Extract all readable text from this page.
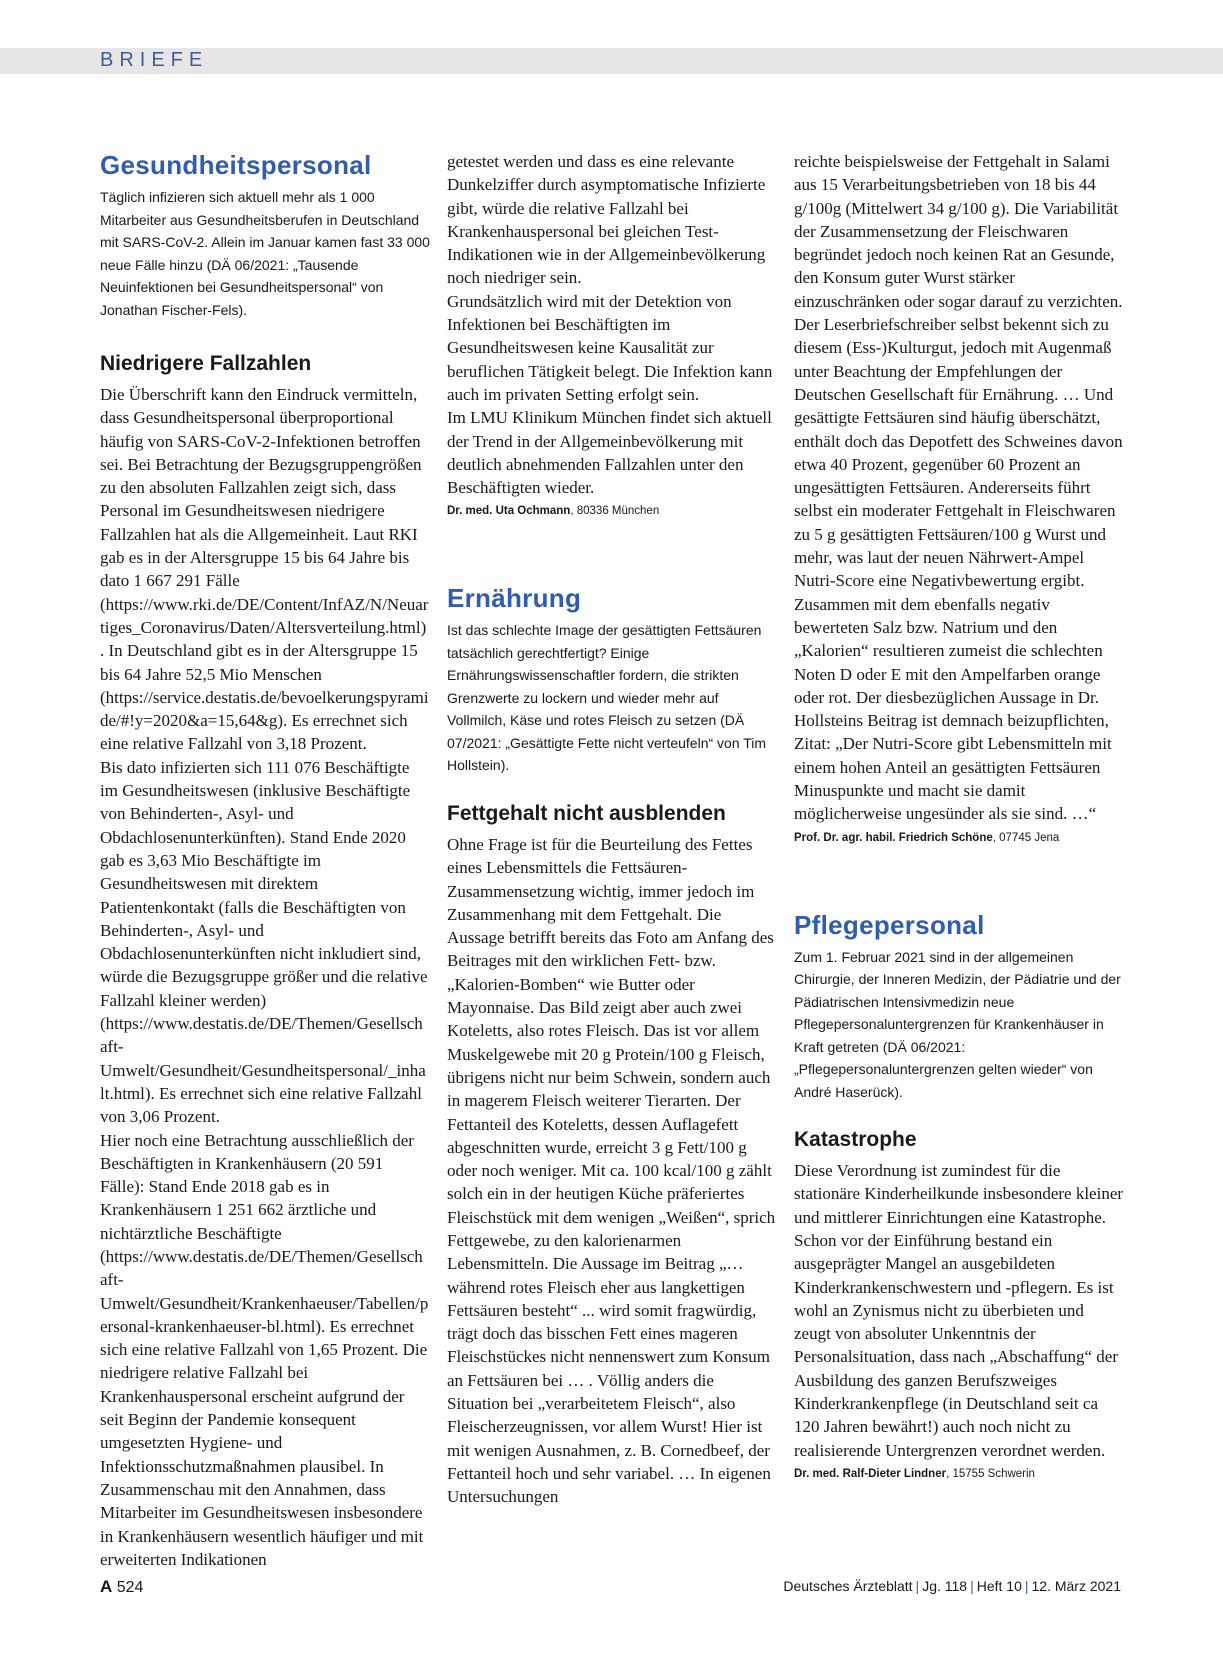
BRIEFE
Gesundheitspersonal

Täglich infizieren sich aktuell mehr als 1 000 Mitarbeiter aus Gesundheitsberufen in Deutschland mit SARS-CoV-2. Allein im Januar kamen fast 33 000 neue Fälle hinzu (DÄ 06/2021: „Tausende Neuinfektionen bei Gesundheitspersonal“ von Jonathan Fischer-Fels).

Niedrigere Fallzahlen

Die Überschrift kann den Eindruck vermitteln, dass Gesundheitspersonal überproportional häufig von SARS-CoV-2-Infektionen betroffen sei. Bei Betrachtung der Bezugsgruppengrößen zu den absoluten Fallzahlen zeigt sich, dass Personal im Gesundheitswesen niedrigere Fallzahlen hat als die Allgemeinheit. Laut RKI gab es in der Altersgruppe 15 bis 64 Jahre bis dato 1 667 291 Fälle (https://www.rki.de/DE/Content/InfAZ/N/Neuartiges_Coronavirus/Daten/Altersverteilung.html). In Deutschland gibt es in der Altersgruppe 15 bis 64 Jahre 52,5 Mio Menschen (https://service.destatis.de/bevoelkerungspyramide/#!y=2020&a=15,64&g). Es errechnet sich eine relative Fallzahl von 3,18 Prozent.

Bis dato infizierten sich 111 076 Beschäftigte im Gesundheitswesen (inklusive Beschäftigte von Behinderten-, Asyl- und Obdachlosenunterkünften). Stand Ende 2020 gab es 3,63 Mio Beschäftigte im Gesundheitswesen mit direktem Patientenkontakt (falls die Beschäftigten von Behinderten-, Asyl- und Obdachlosenunterkünften nicht inkludiert sind, würde die Bezugsgruppe größer und die relative Fallzahl kleiner werden) (https://www.destatis.de/DE/Themen/Gesellschaft-Umwelt/Gesundheit/Gesundheitspersonal/_inhalt.html). Es errechnet sich eine relative Fallzahl von 3,06 Prozent.

Hier noch eine Betrachtung ausschließlich der Beschäftigten in Krankenhäusern (20 591 Fälle): Stand Ende 2018 gab es in Krankenhäusern 1 251 662 ärztliche und nichtärztliche Beschäftigte (https://www.destatis.de/DE/Themen/Gesellschaft-Umwelt/Gesundheit/Krankenhaeuser/Tabellen/personal-krankenhaeuser-bl.html). Es errechnet sich eine relative Fallzahl von 1,65 Prozent. Die niedrigere relative Fallzahl bei Krankenhauspersonal erscheint aufgrund der seit Beginn der Pandemie konsequent umgesetzten Hygiene- und Infektionsschutzmaßnahmen plausibel. In Zusammenschau mit den Annahmen, dass Mitarbeiter im Gesundheitswesen insbesondere in Krankenhäusern wesentlich häufiger und mit erweiterten Indikationen

getestet werden und dass es eine relevante Dunkelziffer durch asymptomatische Infizierte gibt, würde die relative Fallzahl bei Krankenhauspersonal bei gleichen Test-Indikationen wie in der Allgemeinbevölkerung noch niedriger sein.

Grundsätzlich wird mit der Detektion von Infektionen bei Beschäftigten im Gesundheitswesen keine Kausalität zur beruflichen Tätigkeit belegt. Die Infektion kann auch im privaten Setting erfolgt sein.

Im LMU Klinikum München findet sich aktuell der Trend in der Allgemeinbevölkerung mit deutlich abnehmenden Fallzahlen unter den Beschäftigten wieder.

Dr. med. Uta Ochmann, 80336 München

Ernährung

Ist das schlechte Image der gesättigten Fettsäuren tatsächlich gerechtfertigt? Einige Ernährungswissenschaftler fordern, die strikten Grenzwerte zu lockern und wieder mehr auf Vollmilch, Käse und rotes Fleisch zu setzen (DÄ 07/2021: „Gesättigte Fette nicht verteufeln“ von Tim Hollstein).

Fettgehalt nicht ausblenden
Ohne Frage ist für die Beurteilung des Fettes eines Lebensmittels die Fettsäuren-Zusammensetzung wichtig, immer jedoch im Zusammenhang mit dem Fettgehalt. Die Aussage betrifft bereits das Foto am Anfang des Beitrages mit den wirklichen Fett- bzw. „Kalorien-Bomben“ wie Butter oder Mayonnaise. Das Bild zeigt aber auch zwei Koteletts, also rotes Fleisch. Das ist vor allem Muskelgewebe mit 20 g Protein/100 g Fleisch, übrigens nicht nur beim Schwein, sondern auch in magerem Fleisch weiterer Tierarten. Der Fettanteil des Koteletts, dessen Auflagefett abgeschnitten wurde, erreicht 3 g Fett/100 g oder noch weniger. Mit ca. 100 kcal/100 g zählt solch ein in der heutigen Küche präferiertes Fleischstück mit dem wenigen „Weißen“, sprich Fettgewebe, zu den kalorienarmen Lebensmitteln. Die Aussage im Beitrag „… während rotes Fleisch eher aus langkettigen Fettsäuren besteht“ ... wird somit fragwürdig, trägt doch das bisschen Fett eines mageren Fleischstückes nicht nennenswert zum Konsum an Fettsäuren bei … . Völlig anders die Situation bei „verarbeitetem Fleisch“, also Fleischerzeugnissen, vor allem Wurst! Hier ist mit wenigen Ausnahmen, z. B. Cornedbeef, der Fettanteil hoch und sehr variabel. … In eigenen Untersuchungen
reichte beispielsweise der Fettgehalt in Salami aus 15 Verarbeitungsbetrieben von 18 bis 44 g/100g (Mittelwert 34 g/100 g). Die Variabilität der Zusammensetzung der Fleischwaren begründet jedoch noch keinen Rat an Gesunde, den Konsum guter Wurst stärker einzuschränken oder sogar darauf zu verzichten. Der Leserbriefschreiber selbst bekennt sich zu diesem (Ess-)Kulturgut, jedoch mit Augenmaß unter Beachtung der Empfehlungen der Deutschen Gesellschaft für Ernährung. … Und gesättigte Fettsäuren sind häufig überschätzt, enthält doch das Depotfett des Schweines davon etwa 40 Prozent, gegenüber 60 Prozent an ungesättigten Fettsäuren. Andererseits führt selbst ein moderater Fettgehalt in Fleischwaren zu 5 g gesättigten Fettsäuren/100 g Wurst und mehr, was laut der neuen Nährwert-Ampel Nutri-Score eine Negativbewertung ergibt. Zusammen mit dem ebenfalls negativ bewerteten Salz bzw. Natrium und den „Kalorien“ resultieren zumeist die schlechten Noten D oder E mit den Ampelfarben orange oder rot. Der diesbezüglichen Aussage in Dr. Hollsteins Beitrag ist demnach beizupflichten, Zitat: „Der Nutri-Score gibt Lebensmitteln mit einem hohen Anteil an gesättigten Fettsäuren Minuspunkte und macht sie damit möglicherweise ungesünder als sie sind. …“

Prof. Dr. agr. habil. Friedrich Schöne, 07745 Jena

Pflegepersonal

Zum 1. Februar 2021 sind in der allgemeinen Chirurgie, der Inneren Medizin, der Pädiatrie und der Pädiatrischen Intensivmedizin neue Pflegepersonaluntergrenzen für Krankenhäuser in Kraft getreten (DÄ 06/2021: „Pflegepersonaluntergrenzen gelten wieder“ von André Haserück).

Katastrophe
Diese Verordnung ist zumindest für die stationäre Kinderheilkunde insbesondere kleiner und mittlerer Einrichtungen eine Katastrophe. Schon vor der Einführung bestand ein ausgeprägter Mangel an ausgebildeten Kinderkrankenschwestern und -pflegern. Es ist wohl an Zynismus nicht zu überbieten und zeugt von absoluter Unkenntnis der Personalsituation, dass nach „Abschaffung“ der Ausbildung des ganzen Berufszweiges Kinderkrankenpflege (in Deutschland seit ca 120 Jahren bewährt!) auch noch nicht zu realisierende Untergrenzen verordnet werden.

Dr. med. Ralf-Dieter Lindner, 15755 Schwerin

A 524	Deutsches Ärzteblatt | Jg. 118 | Heft 10 | 12. März 2021
